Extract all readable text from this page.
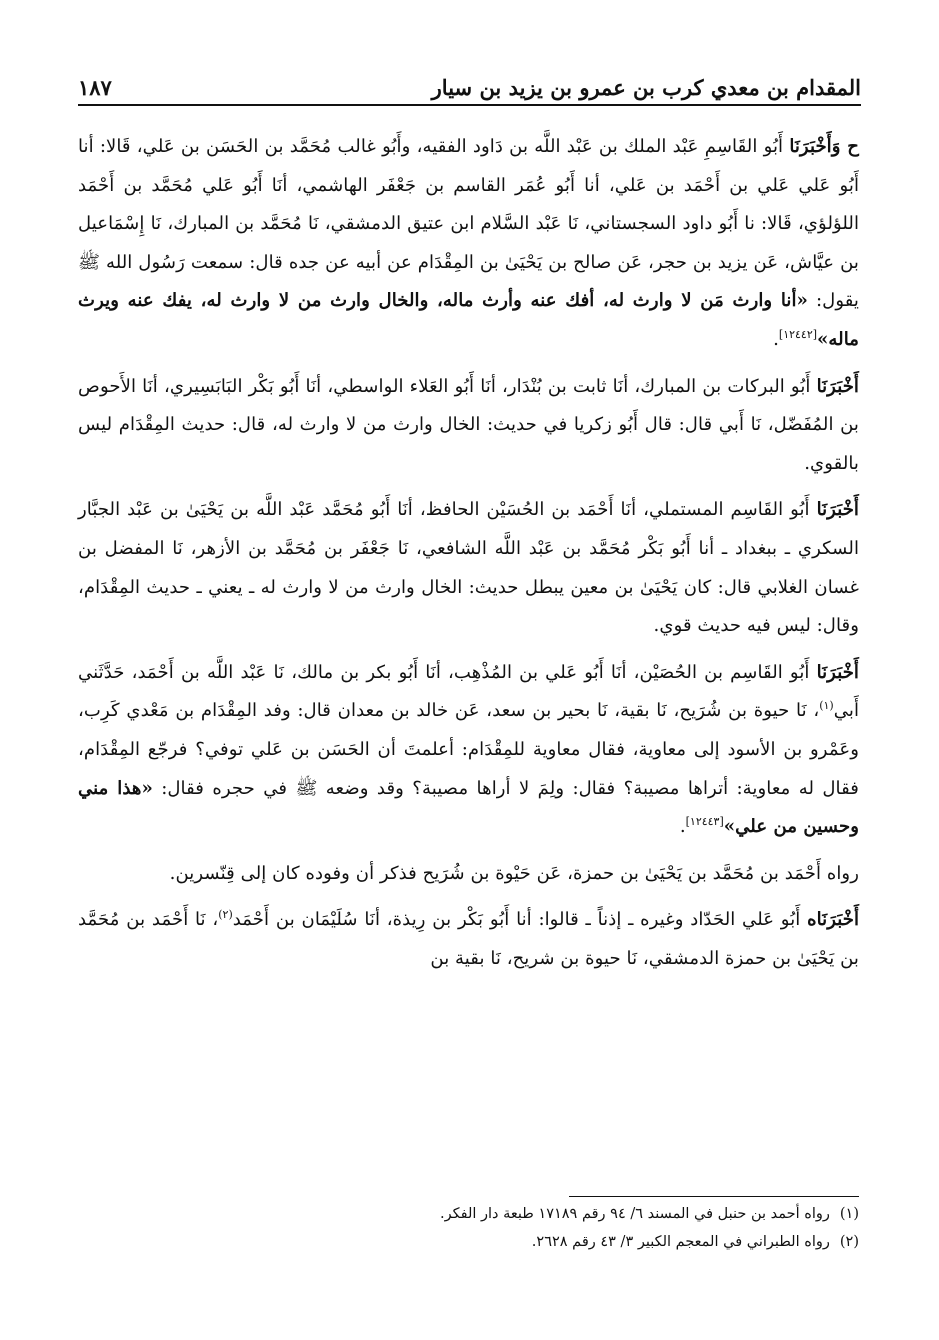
١٨٧	المقدام بن معدي كرب بن عمرو بن يزيد بن سيار

ح وَأَخْبَرَنَا أَبُو القَاسِمِ عَبْد الملك بن عَبْد اللَّه بن دَاود الفقيه، وأَبُو غالب مُحَمَّد بن الحَسَن بن عَلي، قَالا: أنا أَبُو عَلي عَلي بن أَحْمَد بن عَلي، أنا أَبُو عُمَر القاسم بن جَعْفَر الهاشمي، أنَا أَبُو عَلي مُحَمَّد بن أَحْمَد اللؤلؤي، قَالا: نا أَبُو داود السجستاني، نَا عَبْد السَّلام ابن عتيق الدمشقي، نَا مُحَمَّد بن المبارك، نَا إِسْمَاعيل بن عيَّاش، عَن يزيد بن حجر، عَن صالح بن يَحْيَىٰ بن المِقْدَام عن أبيه عن جده قال: سمعت رَسُول الله ﷺ يقول: «أنا وارث مَن لا وارث له، أفك عنه وأرث ماله، والخال وارث من لا وارث له، يفك عنه ويرث ماله»[١٢٤٤٢].

أَخْبَرَنَا أَبُو البركات بن المبارك، أنَا ثابت بن بُنْدَار، أنَا أَبُو العَلاء الواسطي، أنَا أَبُو بَكْر البَابَسِيري، أنَا الأَحوص بن المُفَضّل، نَا أَبي قال: قال أَبُو زكريا في حديث: الخال وارث من لا وارث له، قال: حديث المِقْدَام ليس بالقوي.

أَخْبَرَنَا أَبُو القَاسِم المستملي، أنَا أَحْمَد بن الحُسَيْن الحافظ، أنَا أَبُو مُحَمَّد عَبْد اللَّه بن يَحْيَىٰ بن عَبْد الجبَّار السكري ـ ببغداد ـ أنا أَبُو بَكْر مُحَمَّد بن عَبْد اللَّه الشافعي، نَا جَعْفَر بن مُحَمَّد بن الأزهر، نَا المفضل بن غسان الغلابي قال: كان يَحْيَىٰ بن معين يبطل حديث: الخال وارث من لا وارث له ـ يعني ـ حديث المِقْدَام، وقال: ليس فيه حديث قوي.

أَخْبَرَنَا أَبُو القَاسِم بن الحُصَيْن، أنَا أَبُو عَلي بن المُذْهِب، أنَا أَبُو بكر بن مالك، نَا عَبْد اللَّه بن أَحْمَد، حَدَّثَني أَبي$^{(١)}$، نَا حيوة بن شُرَيح، نَا بقية، نَا بحير بن سعد، عَن خالد بن معدان قال: وفد المِقْدَام بن مَعْدي كَرِب، وعَمْرو بن الأسود إلى معاوية، فقال معاوية للمِقْدَام: أعلمتَ أن الحَسَن بن عَلي توفي؟ فرجّع المِقْدَام، فقال له معاوية: أتراها مصيبة؟ فقال: ولِمَ لا أراها مصيبة؟ وقد وضعه ﷺ في حجره فقال: «هذا مني وحسين من علي»[١٢٤٤٣].

رواه أَحْمَد بن مُحَمَّد بن يَحْيَىٰ بن حمزة، عَن حَيْوة بن شُرَيح فذكر أن وفوده كان إلى قِنّسرين.

أَخْبَرَنَاه أَبُو عَلي الحَدّاد وغيره ـ إذناً ـ قالوا: أنا أَبُو بَكْر بن رِيذة، أنَا سُلَيْمَان بن أَحْمَد$^{(٢)}$، نَا أَحْمَد بن مُحَمَّد بن يَحْيَىٰ بن حمزة الدمشقي، نَا حيوة بن شريح، نَا بقية بن

(١)
رواه أحمد بن حنبل في المسند ٦/ ٩٤ رقم ١٧١٨٩ طبعة دار الفكر.
(٢)
رواه الطبراني في المعجم الكبير ٣/ ٤٣ رقم ٢٦٢٨.
